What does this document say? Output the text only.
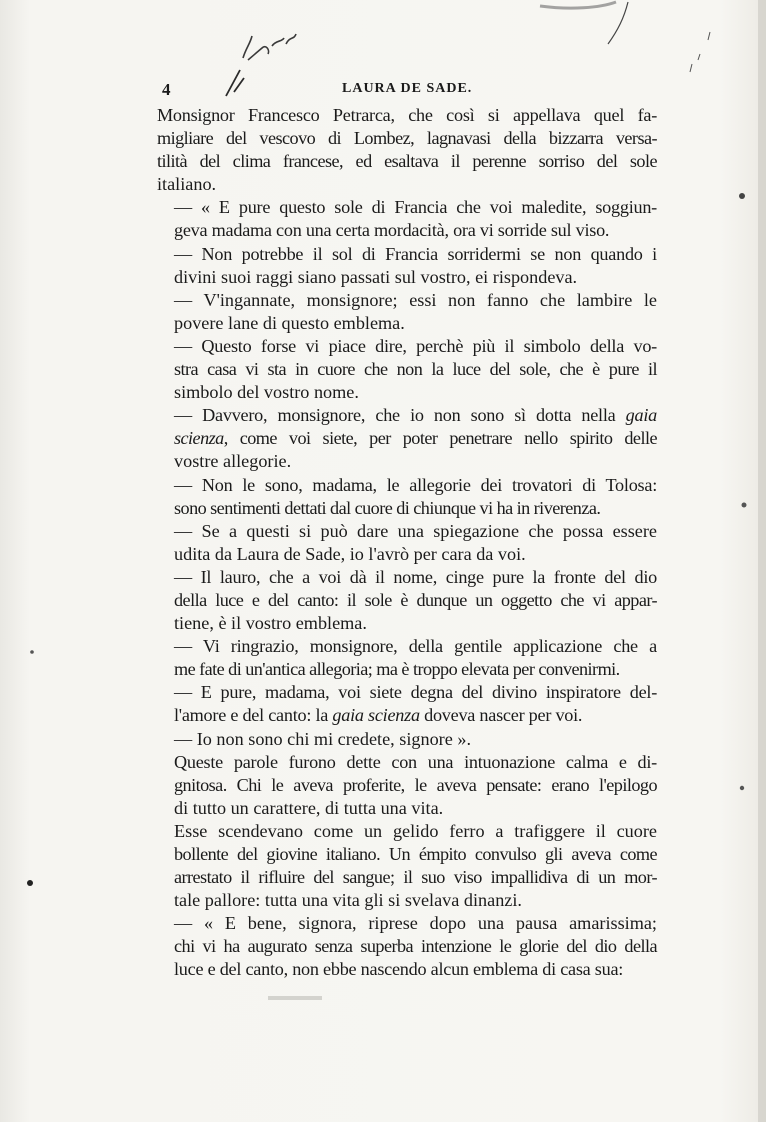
4	LAURA DE SADE.

Monsignor Francesco Petrarca, che così si appellava quel fa-
migliare del vescovo di Lombez, lagnavasi della bizzarra versa-
tilità del clima francese, ed esaltava il perenne sorriso del sole
italiano.

— « E pure questo sole di Francia che voi maledite, soggiun-
geva madama con una certa mordacità, ora vi sorride sul viso.

— Non potrebbe il sol di Francia sorridermi se non quando i
divini suoi raggi siano passati sul vostro, ei rispondeva.

— V'ingannate, monsignore; essi non fanno che lambire le
povere lane di questo emblema.

— Questo forse vi piace dire, perchè più il simbolo della vo-
stra casa vi sta in cuore che non la luce del sole, che è pure il
simbolo del vostro nome.

— Davvero, monsignore, che io non sono sì dotta nella gaia
scienza, come voi siete, per poter penetrare nello spirito delle
vostre allegorie.

— Non le sono, madama, le allegorie dei trovatori di Tolosa:
sono sentimenti dettati dal cuore di chiunque vi ha in riverenza.

— Se a questi si può dare una spiegazione che possa essere
udita da Laura de Sade, io l'avrò per cara da voi.

— Il lauro, che a voi dà il nome, cinge pure la fronte del dio
della luce e del canto: il sole è dunque un oggetto che vi appar-
tiene, è il vostro emblema.

— Vi ringrazio, monsignore, della gentile applicazione che a
me fate di un'antica allegoria; ma è troppo elevata per convenirmi.

— E pure, madama, voi siete degna del divino inspiratore del-
l'amore e del canto: la gaia scienza doveva nascer per voi.

— Io non sono chi mi credete, signore ».

Queste parole furono dette con una intuonazione calma e di-
gnitosa. Chi le aveva proferite, le aveva pensate: erano l'epilogo
di tutto un carattere, di tutta una vita.

Esse scendevano come un gelido ferro a trafiggere il cuore
bollente del giovine italiano. Un émpito convulso gli aveva come
arrestato il rifluire del sangue; il suo viso impallidiva di un mor-
tale pallore: tutta una vita gli si svelava dinanzi.

— « E bene, signora, riprese dopo una pausa amarissima;
chi vi ha augurato senza superba intenzione le glorie del dio della
luce e del canto, non ebbe nascendo alcun emblema di casa sua:
